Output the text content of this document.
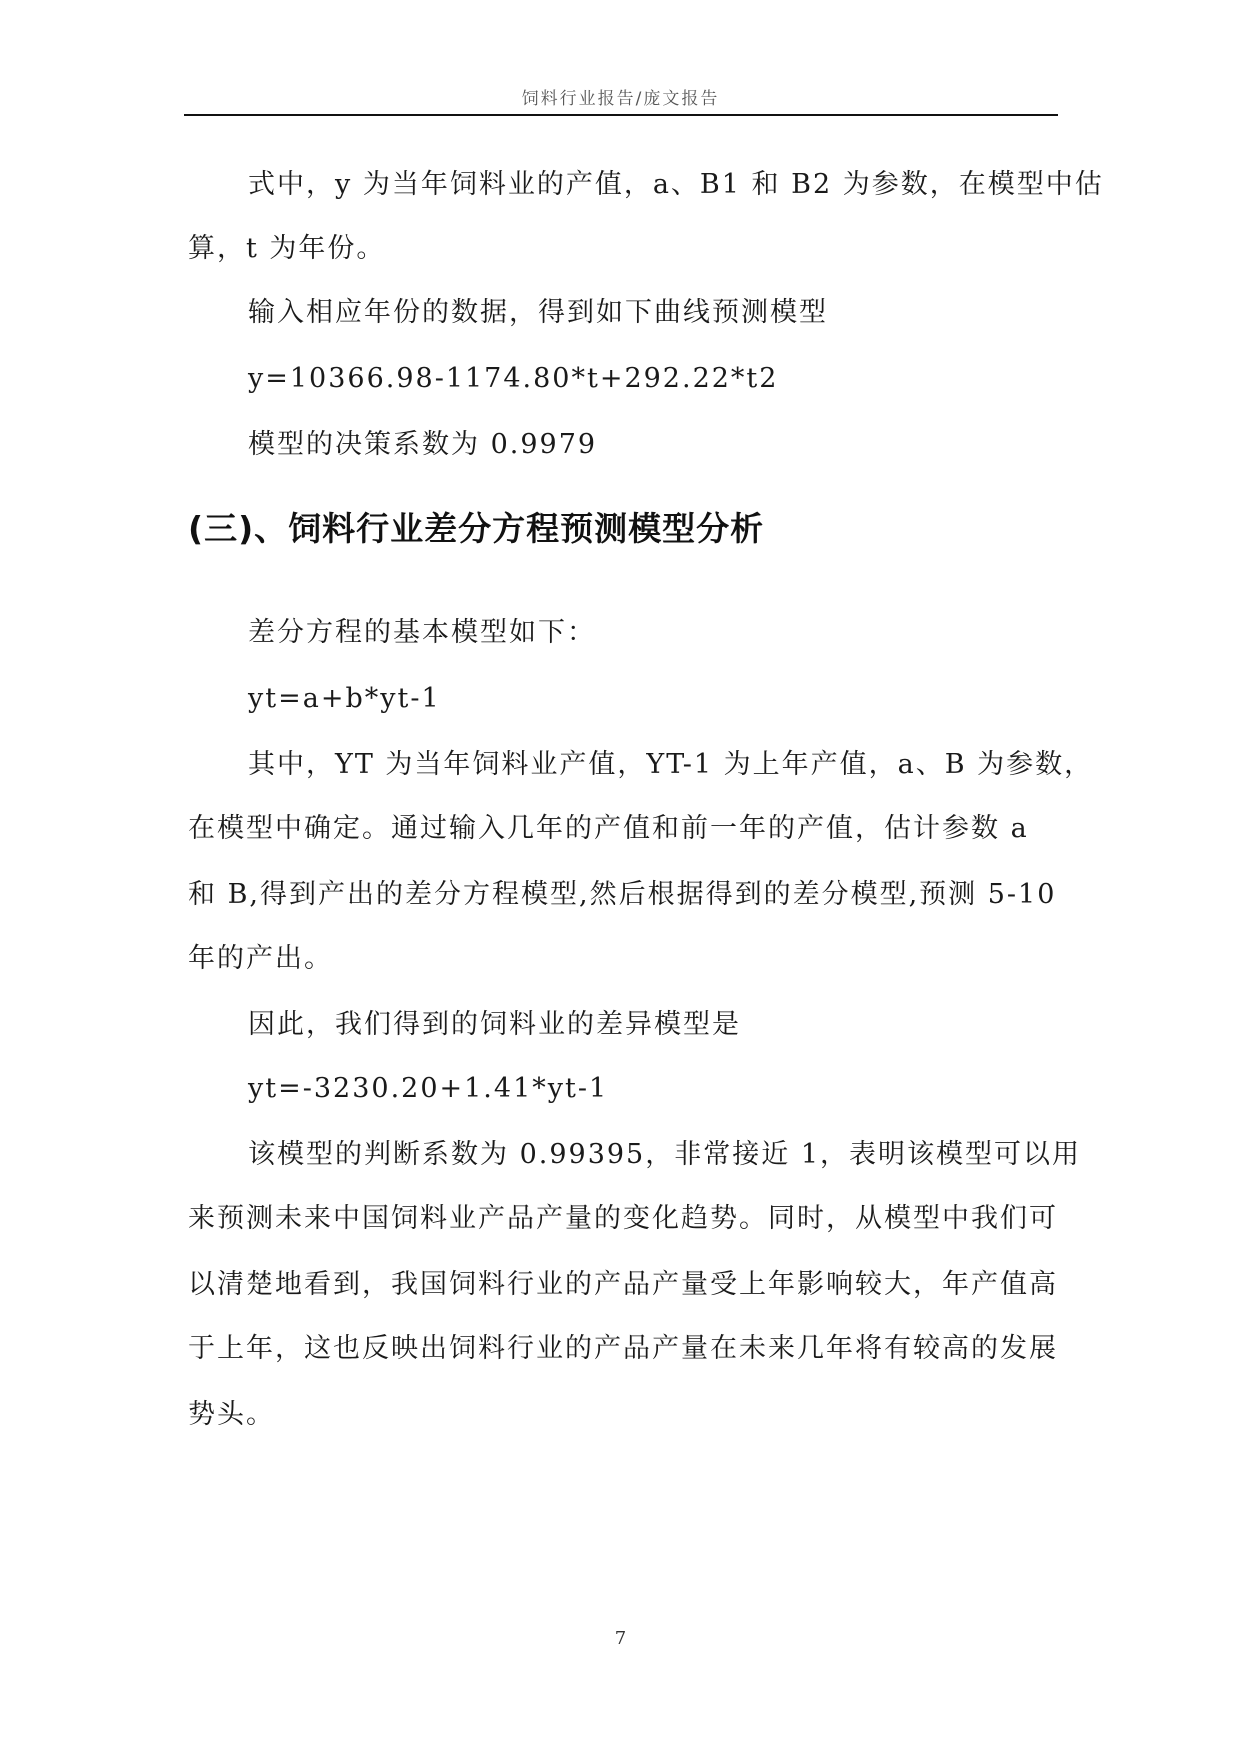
饲料行业报告/庞文报告
式中，y 为当年饲料业的产值，a、B1 和 B2 为参数，在模型中估
算，t 为年份。
输入相应年份的数据，得到如下曲线预测模型
y=10366.98-1174.80*t+292.22*t2
模型的决策系数为 0.9979
(三)、饲料行业差分方程预测模型分析
差分方程的基本模型如下：
yt=a+b*yt-1
其中，YT 为当年饲料业产值，YT-1 为上年产值，a、B 为参数，
在模型中确定。通过输入几年的产值和前一年的产值，估计参数 a
和 B,得到产出的差分方程模型,然后根据得到的差分模型,预测 5-10
年的产出。
因此，我们得到的饲料业的差异模型是
yt=-3230.20+1.41*yt-1
该模型的判断系数为 0.99395，非常接近 1，表明该模型可以用
来预测未来中国饲料业产品产量的变化趋势。同时，从模型中我们可
以清楚地看到，我国饲料行业的产品产量受上年影响较大，年产值高
于上年，这也反映出饲料行业的产品产量在未来几年将有较高的发展
势头。
7
